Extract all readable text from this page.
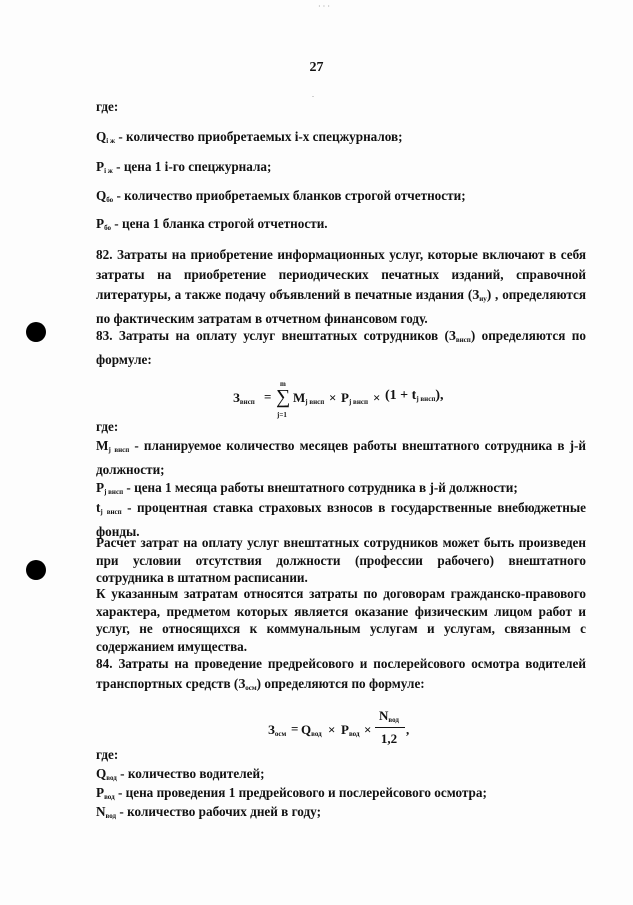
· · ·
27
.
где:
$Q_{i ж}$ - количество приобретаемых i-х спецжурналов;
$P_{i ж}$ - цена 1 i-го спецжурнала;
$Q_{бо}$ - количество приобретаемых бланков строгой отчетности;
$P_{бо}$ - цена 1 бланка строгой отчетности.
82. Затраты на приобретение информационных услуг, которые включают в себя затраты на приобретение периодических печатных изданий, справочной литературы, а также подачу объявлений в печатные издания $(З_{иу})$ , определяются по фактическим затратам в отчетном финансовом году.
83. Затраты на оплату услуг внештатных сотрудников $(З_{внсп})$ определяются по формуле:
$З_{внсп}$ =
m
∑
j=1
$M_{j внсп} \times P_{j внсп} \times (1 + t_{j внсп})$,
где:
$M_{j внсп}$ - планируемое количество месяцев работы внештатного сотрудника в j-й должности;
$P_{j внсп}$ - цена 1 месяца работы внештатного сотрудника в j-й должности;
$t_{j внсп}$ - процентная ставка страховых взносов в государственные внебюджетные фонды.
Расчет затрат на оплату услуг внештатных сотрудников может быть произведен при условии отсутствия должности (профессии рабочего) внештатного сотрудника в штатном расписании.
К указанным затратам относятся затраты по договорам гражданско-правового характера, предметом которых является оказание физическим лицом работ и услуг, не относящихся к коммунальным услугам и услугам, связанным с содержанием имущества.
84. Затраты на проведение предрейсового и послерейсового осмотра водителей транспортных средств $(З_{осм})$ определяются по формуле:
$З_{осм} = Q_{вод} \times P_{вод}$ ×
$N_{вод}$
1,2
,
где:
$Q_{вод}$ - количество водителей;
$P_{вод}$ - цена проведения 1 предрейсового и послерейсового осмотра;
$N_{вод}$ - количество рабочих дней в году;
